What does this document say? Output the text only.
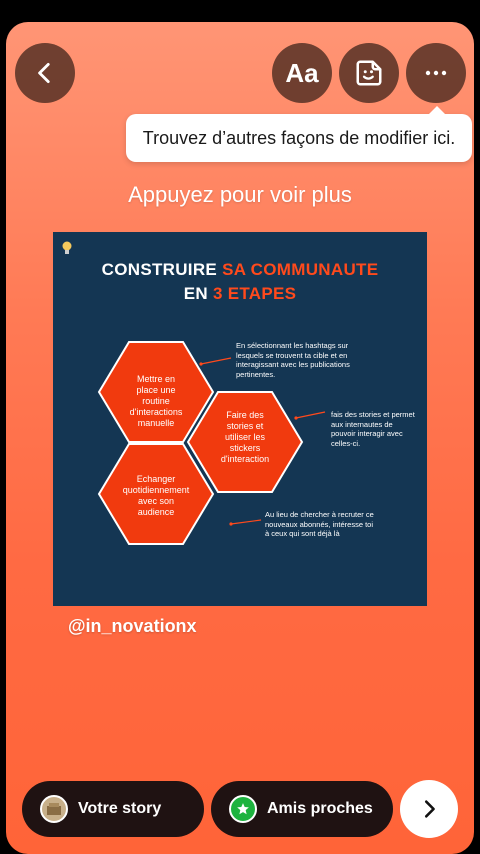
Aa
Trouvez d’autres façons de modifier ici.
Appuyez pour voir plus
CONSTRUIRE SA COMMUNAUTE
EN 3 ETAPES
Mettre en place une routine d'interactions manuelle
Faire des stories et utiliser les stickers d'interaction
Echanger quotidiennement avec son audience
En sélectionnant les hashtags sur lesquels se trouvent ta cible et en interagissant avec les publications pertinentes.
fais des stories et permet aux internautes de pouvoir interagir avec celles-ci.
Au lieu de chercher à recruter ce nouveaux abonnés, intéresse toi à ceux qui sont déjà là
@in_novationx
Votre story	Amis proches
